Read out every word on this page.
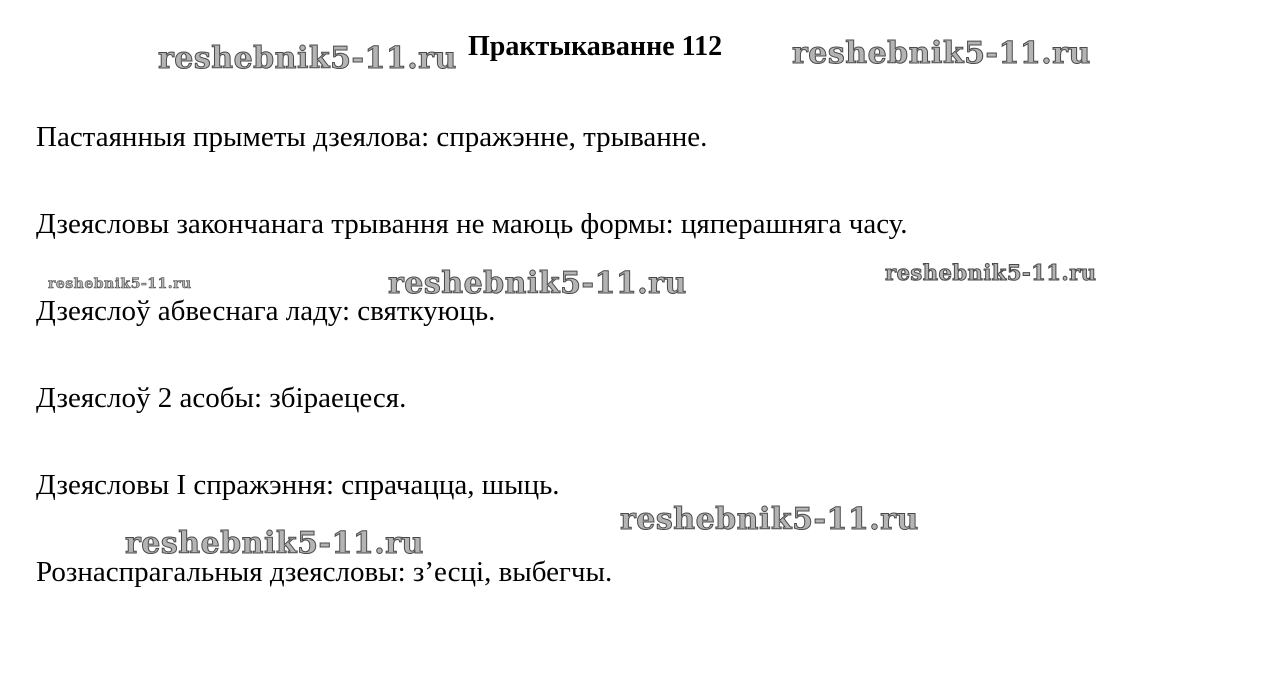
reshebnik5-11.ru	reshebnik5-11.ru
reshebnik5-11.ru	reshebnik5-11.ru	reshebnik5-11.ru
reshebnik5-11.ru
reshebnik5-11.ru
Практыкаванне 112
Пастаянныя прыметы дзеялова: спражэнне, трыванне.
Дзеясловы закончанага трывання не маюць формы: цяперашняга часу.
Дзеяслоў абвеснага ладу: святкуюць.
Дзеяслоў 2 асобы: збіраецеся.
Дзеясловы I спражэння: спрачацца, шыць.
Рознаспрагальныя дзеясловы: з’есці, выбегчы.
